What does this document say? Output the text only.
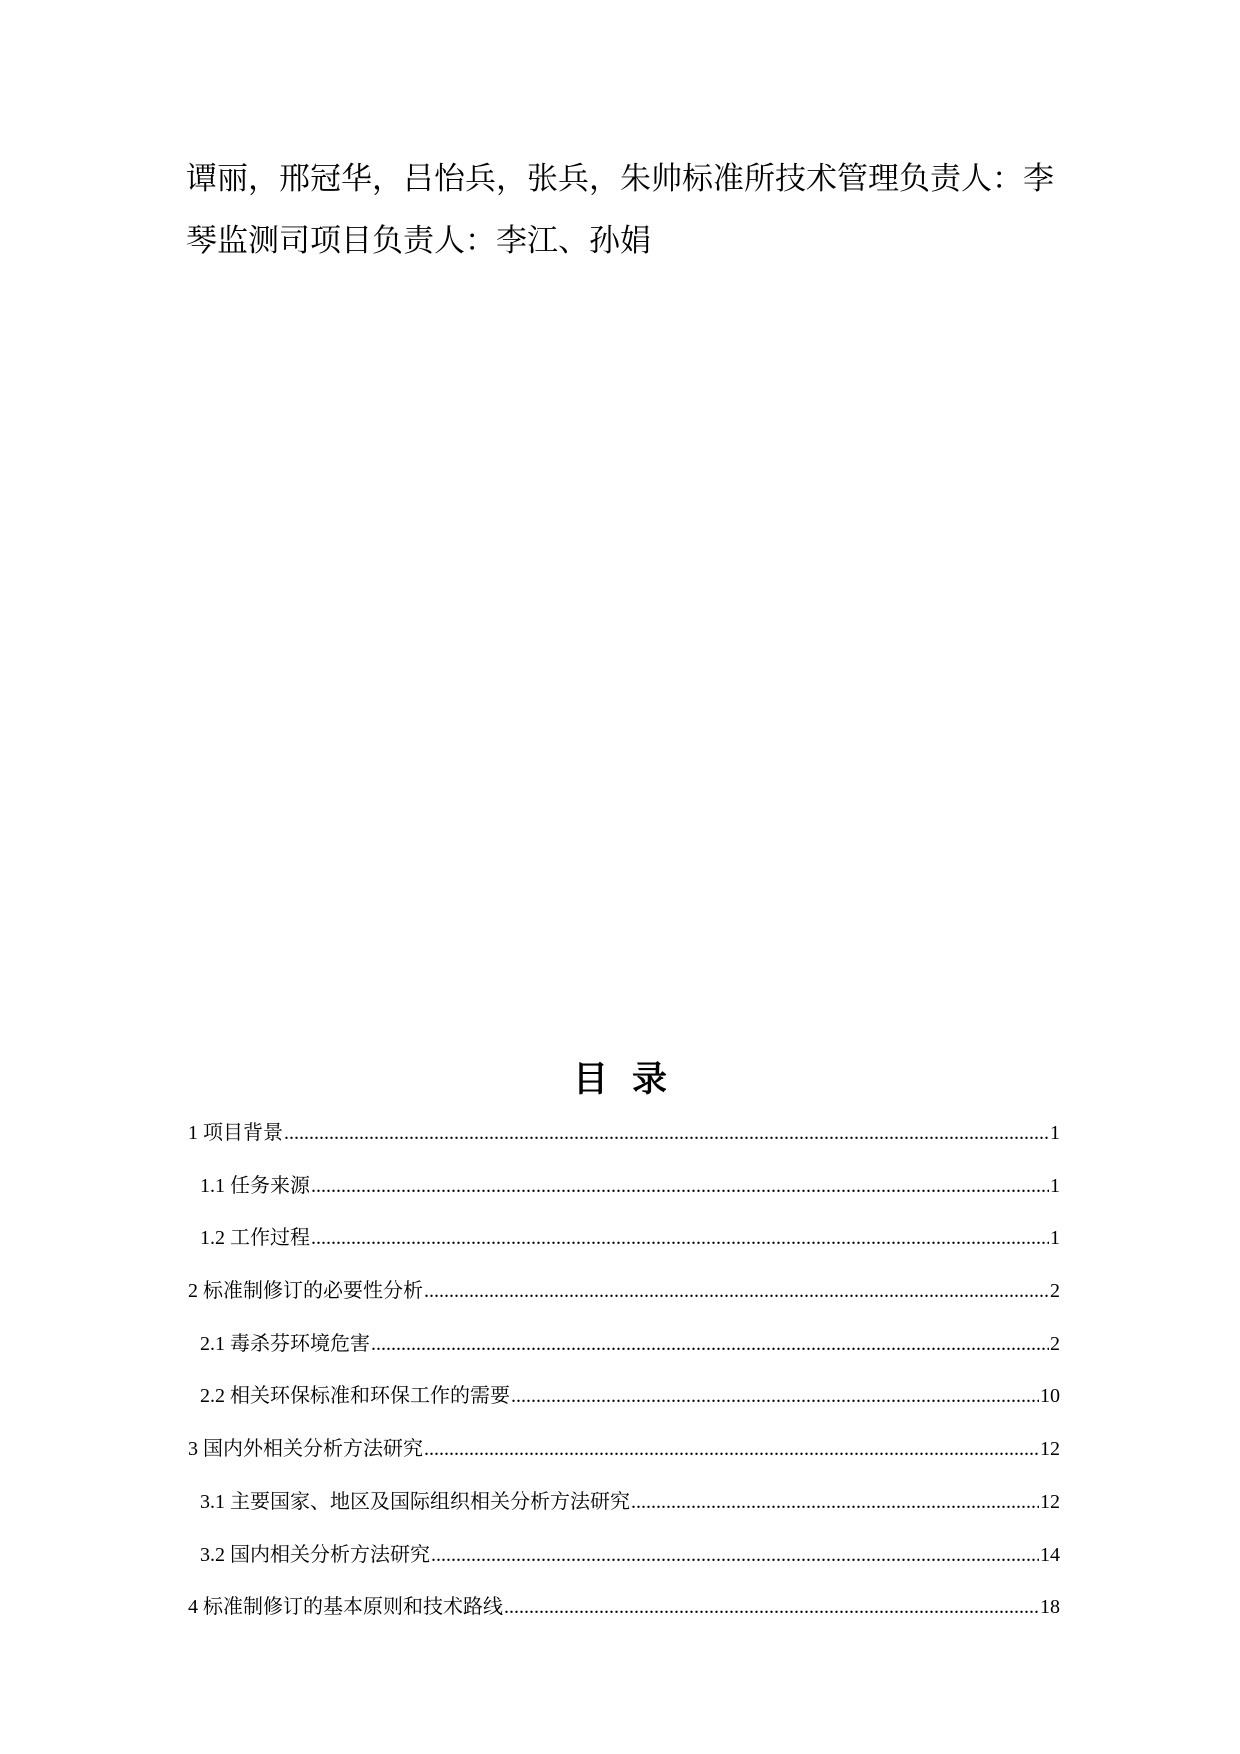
谭丽，邢冠华，吕怡兵，张兵，朱帅标准所技术管理负责人：李琴监测司项目负责人：李江、孙娟

目录
1 项目背景 .....	1
1.1 任务来源 .....	1
1.2 工作过程 .....	1
2 标准制修订的必要性分析 .....	2
2.1 毒杀芬环境危害 .....	2
2.2 相关环保标准和环保工作的需要 .....	10
3 国内外相关分析方法研究 .....	12
3.1 主要国家、地区及国际组织相关分析方法研究 .....	12
3.2 国内相关分析方法研究 .....	14
4 标准制修订的基本原则和技术路线 .....	18
